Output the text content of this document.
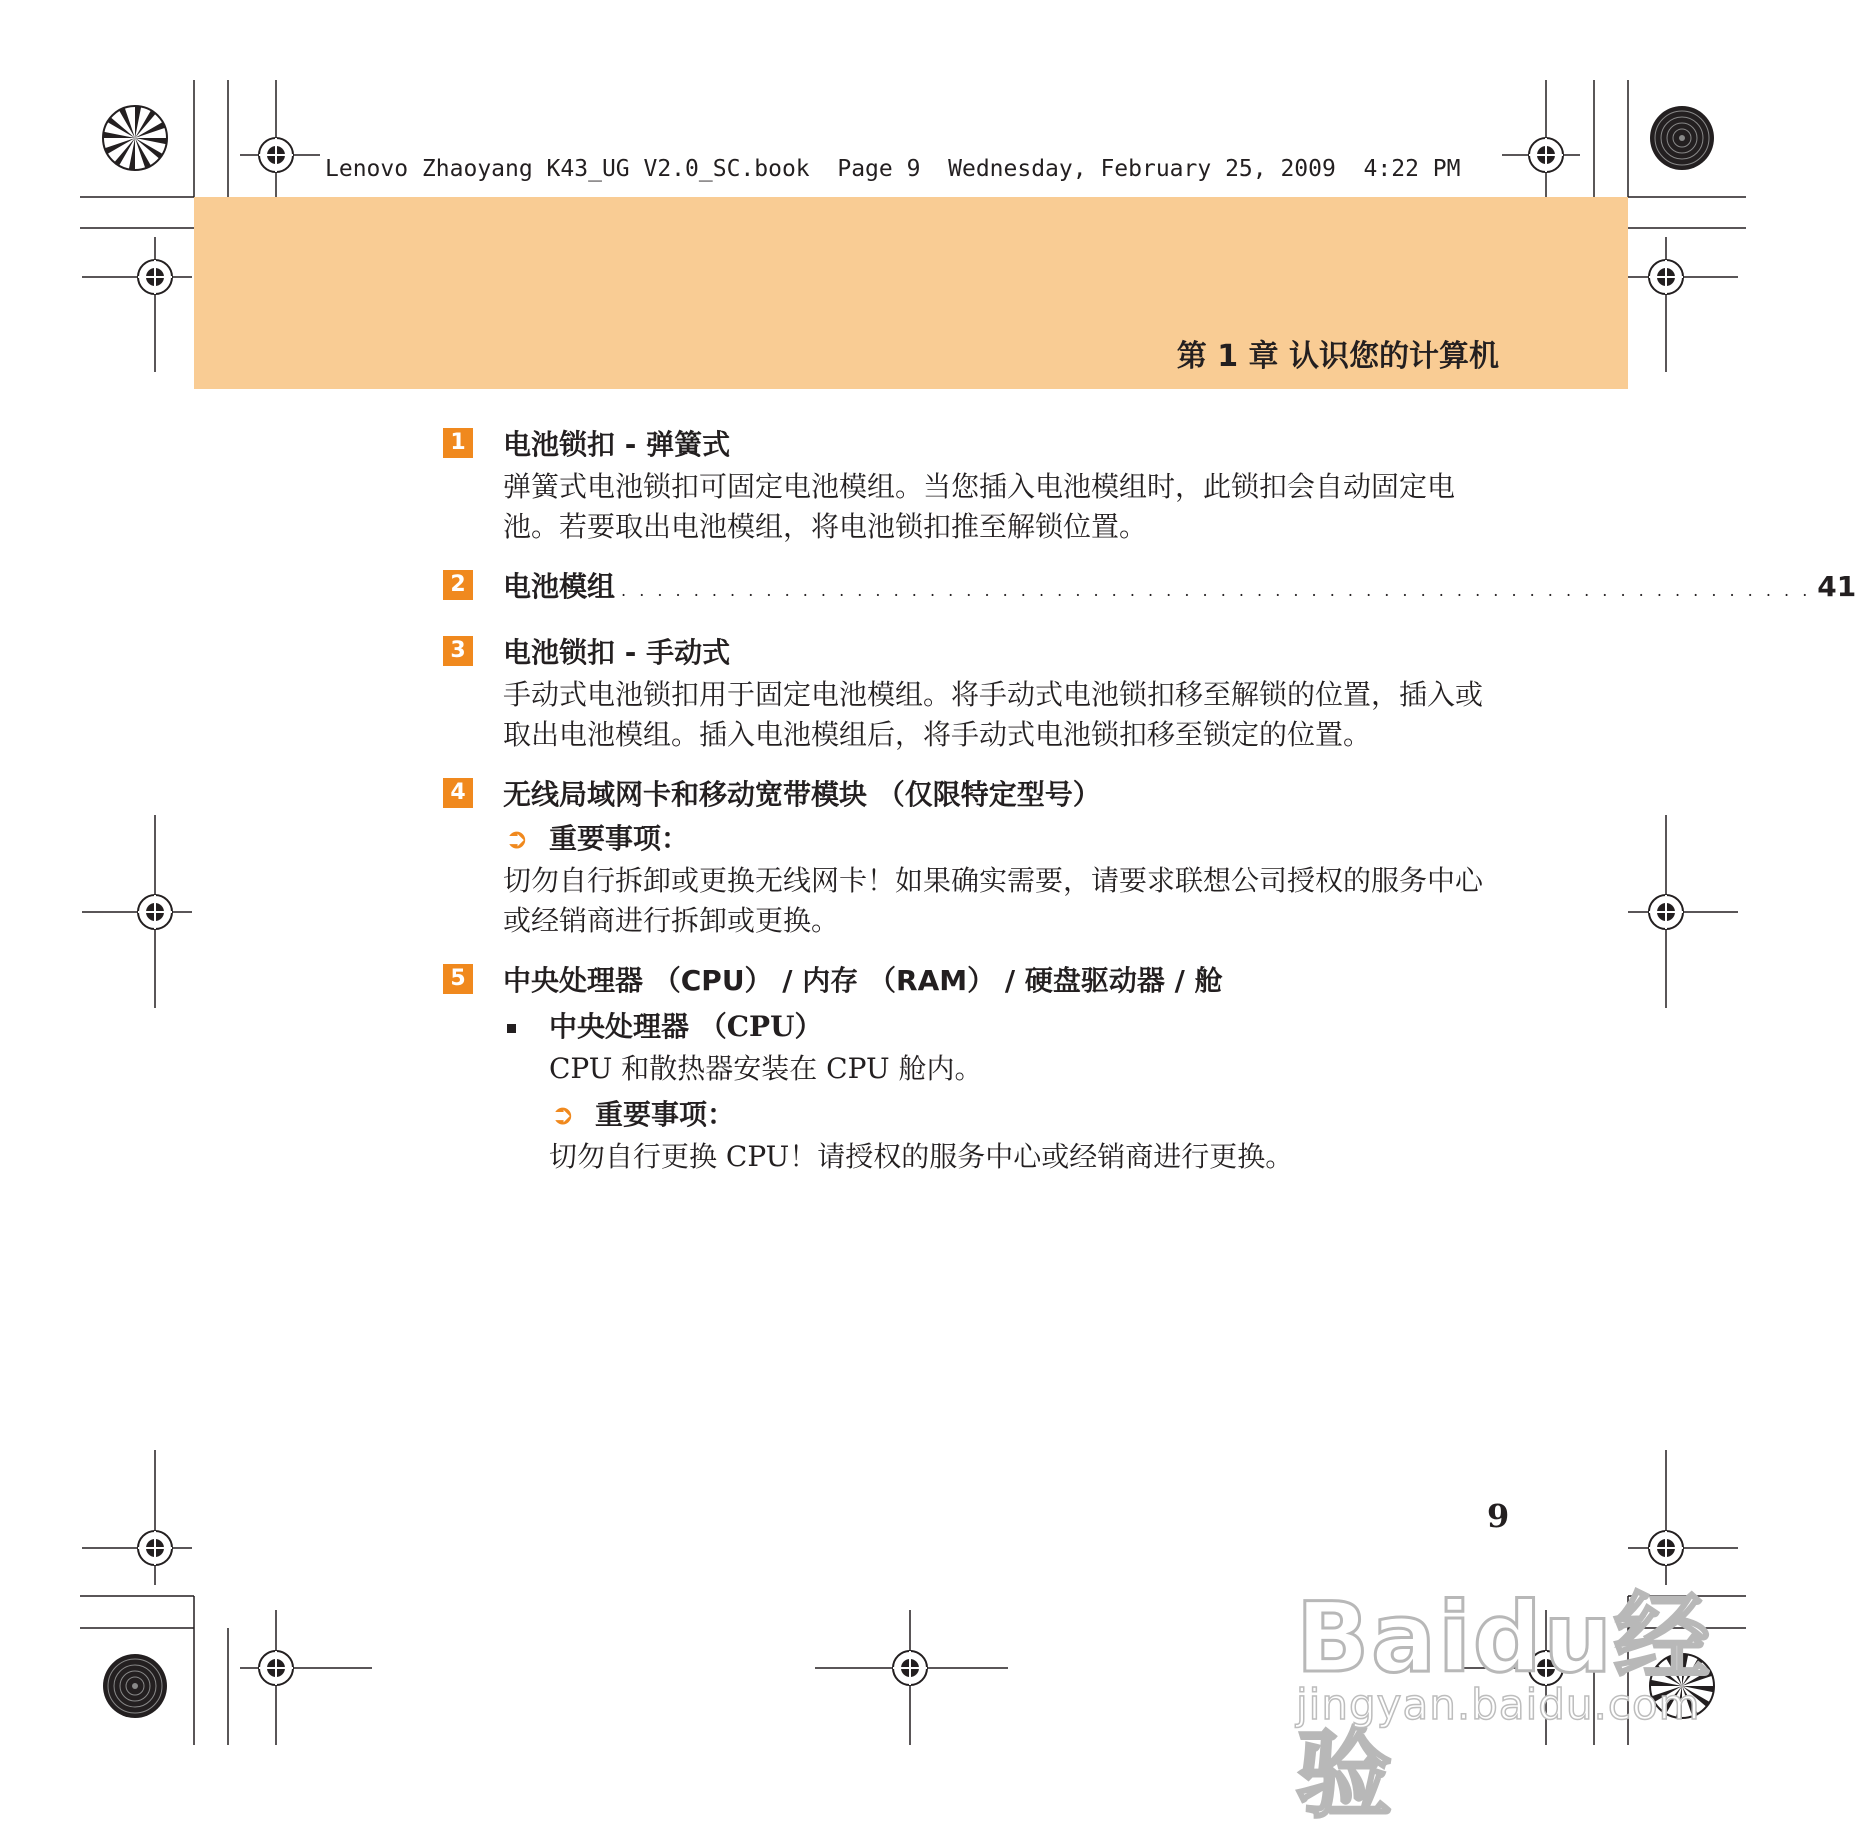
Lenovo Zhaoyang K43_UG V2.0_SC.book  Page 9  Wednesday, February 25, 2009  4:22 PM
第 1 章 认识您的计算机
1 电池锁扣 - 弹簧式
弹簧式电池锁扣可固定电池模组。当您插入电池模组时，此锁扣会自动固定电池。若要取出电池模组，将电池锁扣推至解锁位置。
2 电池模组 . . . . . . . . . . . . . . . . . . . . . . . . . . . . . . . . . . . . . . . . . . . . . . . . . . . . . . . . . . . . . . . . . . 41
3 电池锁扣 - 手动式
手动式电池锁扣用于固定电池模组。将手动式电池锁扣移至解锁的位置，插入或取出电池模组。插入电池模组后，将手动式电池锁扣移至锁定的位置。
4 无线局域网卡和移动宽带模块 （仅限特定型号）
➲ 重要事项：
切勿自行拆卸或更换无线网卡！如果确实需要，请要求联想公司授权的服务中心或经销商进行拆卸或更换。
5 中央处理器 （CPU） / 内存 （RAM） / 硬盘驱动器 / 舱
中央处理器 （CPU）
CPU 和散热器安装在 CPU 舱内。
➲ 重要事项：
切勿自行更换 CPU！请授权的服务中心或经销商进行更换。
9
Baidu经验
jingyan.baidu.com
